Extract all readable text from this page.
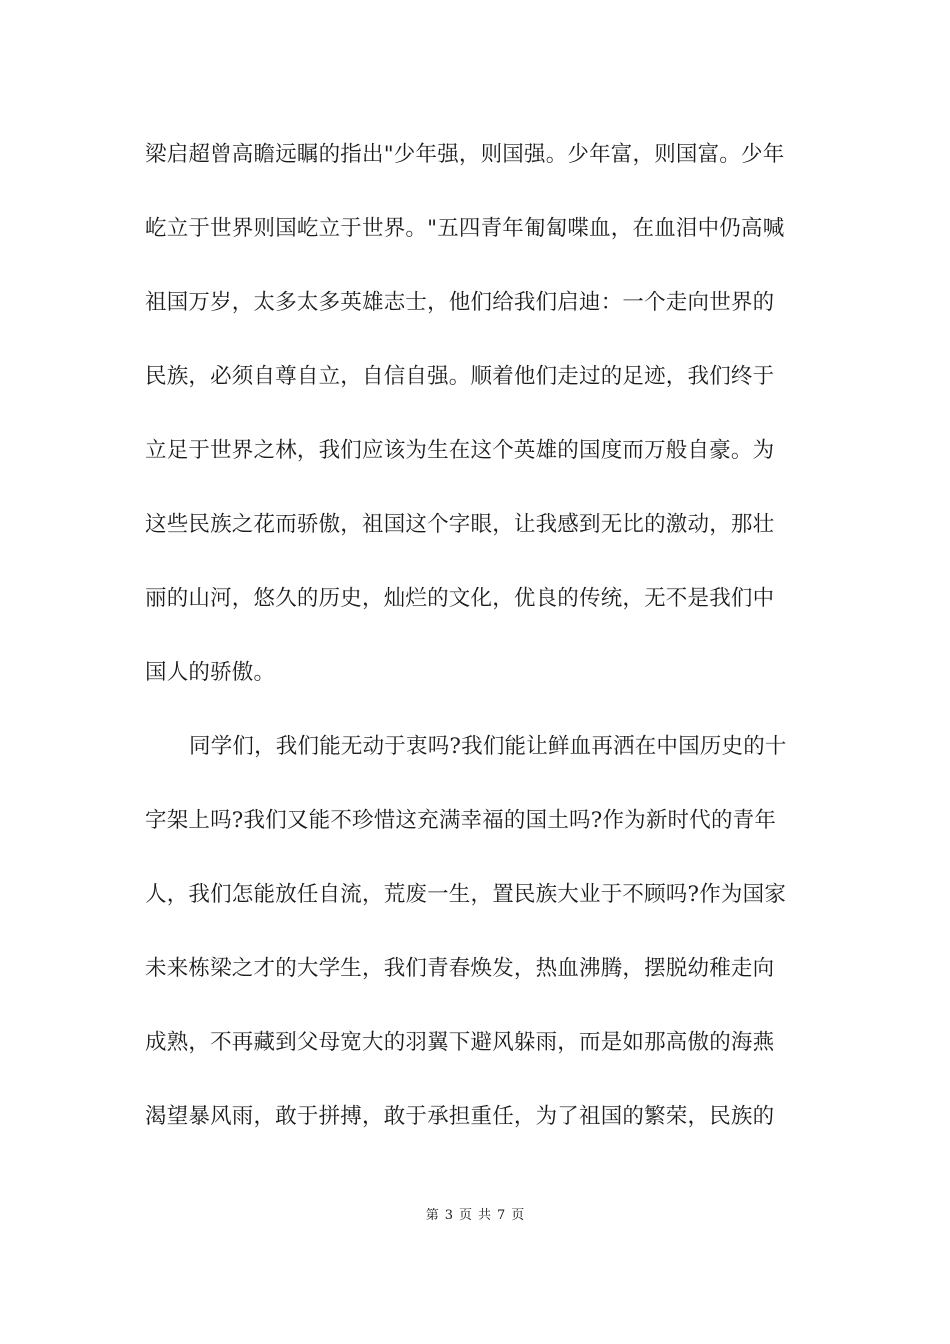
梁启超曾高瞻远瞩的指出"少年强，则国强。少年富，则国富。少年
屹立于世界则国屹立于世界。"五四青年匍匐喋血，在血泪中仍高喊
祖国万岁，太多太多英雄志士，他们给我们启迪：一个走向世界的
民族，必须自尊自立，自信自强。顺着他们走过的足迹，我们终于
立足于世界之林，我们应该为生在这个英雄的国度而万般自豪。为
这些民族之花而骄傲，祖国这个字眼，让我感到无比的激动，那壮
丽的山河，悠久的历史，灿烂的文化，优良的传统，无不是我们中
国人的骄傲。
同学们，我们能无动于衷吗?我们能让鲜血再洒在中国历史的十
字架上吗?我们又能不珍惜这充满幸福的国土吗?作为新时代的青年
人，我们怎能放任自流，荒废一生，置民族大业于不顾吗?作为国家
未来栋梁之才的大学生，我们青春焕发，热血沸腾，摆脱幼稚走向
成熟，不再藏到父母宽大的羽翼下避风躲雨，而是如那高傲的海燕
渴望暴风雨，敢于拼搏，敢于承担重任，为了祖国的繁荣，民族的
第 3 页 共 7 页
